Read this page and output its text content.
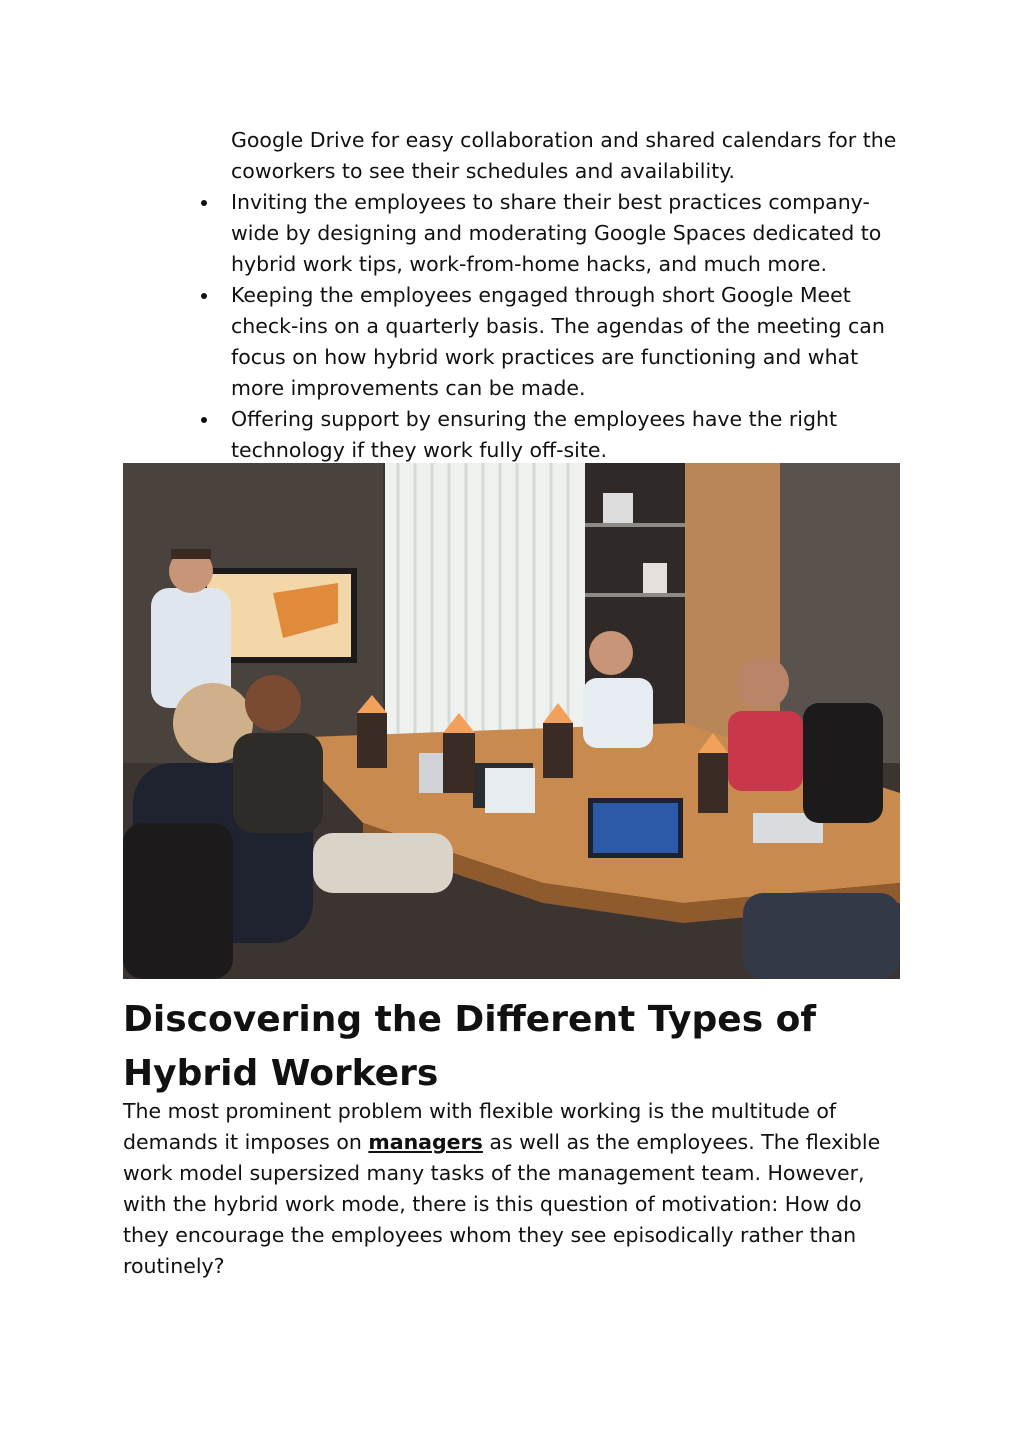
Google Drive for easy collaboration and shared calendars for the coworkers to see their schedules and availability.
Inviting the employees to share their best practices company-wide by designing and moderating Google Spaces dedicated to hybrid work tips, work-from-home hacks, and much more.
Keeping the employees engaged through short Google Meet check-ins on a quarterly basis. The agendas of the meeting can focus on how hybrid work practices are functioning and what more improvements can be made.
Offering support by ensuring the employees have the right technology if they work fully off-site.
Discovering the Different Types of Hybrid Workers

The most prominent problem with flexible working is the multitude of demands it imposes on managers as well as the employees. The flexible work model supersized many tasks of the management team. However, with the hybrid work mode, there is this question of motivation: How do they encourage the employees whom they see episodically rather than routinely?
